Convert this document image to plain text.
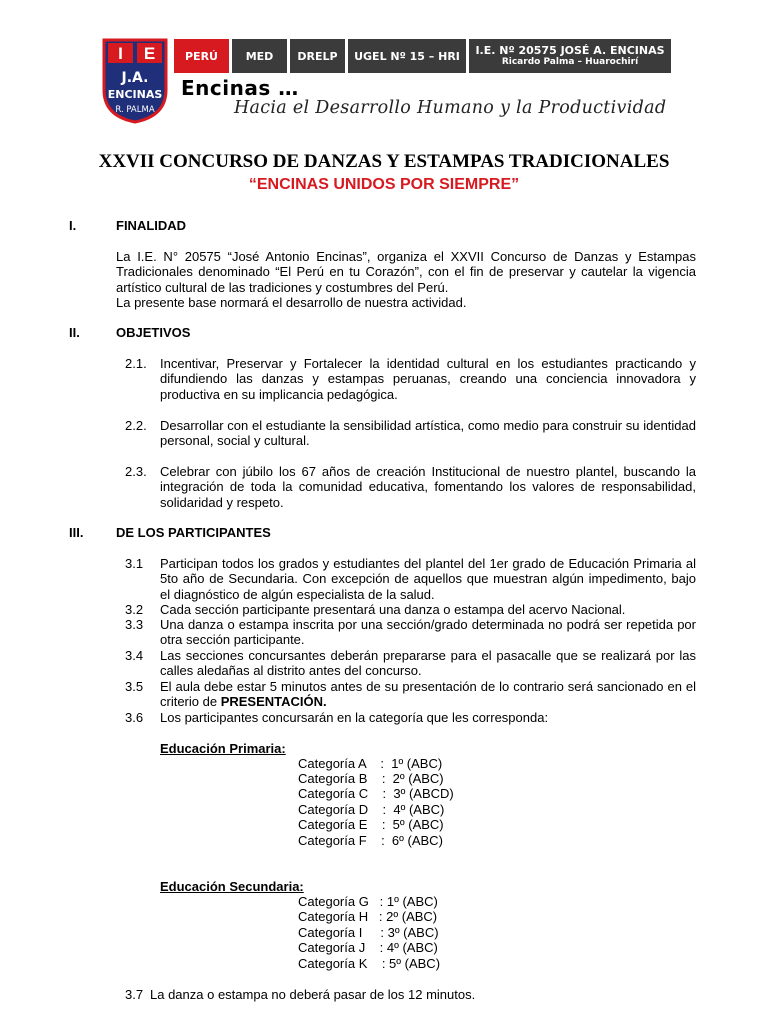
I E
J.A.
ENCINAS
R. PALMA
PERÚ	MED	DRELP	UGEL Nº 15 – HRI	I.E. Nº 20575 JOSÉ A. ENCINAS
Ricardo Palma – Huarochirí
Encinas …
Hacia el Desarrollo Humano y la Productividad
XXVII CONCURSO DE DANZAS Y ESTAMPAS TRADICIONALES
“ENCINAS UNIDOS POR SIEMPRE”
I.	FINALIDAD
La I.E. N° 20575 “José Antonio Encinas”, organiza el XXVII Concurso de Danzas y Estampas Tradicionales denominado “El Perú en tu Corazón”, con el fin de preservar y cautelar la vigencia artístico cultural de las tradiciones y costumbres del Perú.
La presente base normará el desarrollo de nuestra actividad.
II.	OBJETIVOS
2.1. Incentivar, Preservar y Fortalecer la identidad cultural en los estudiantes practicando y difundiendo las danzas y estampas peruanas, creando una conciencia innovadora y productiva en su implicancia pedagógica.
2.2. Desarrollar con el estudiante la sensibilidad artística, como medio para construir su identidad personal, social y cultural.
2.3. Celebrar con júbilo los 67 años de creación Institucional de nuestro plantel, buscando la integración de toda la comunidad educativa, fomentando los valores de responsabilidad, solidaridad y respeto.
III.	DE LOS PARTICIPANTES
3.1 Participan todos los grados y estudiantes del plantel del 1er grado de Educación Primaria al 5to año de Secundaria. Con excepción de aquellos que muestran algún impedimento, bajo el diagnóstico de algún especialista de la salud.
3.2 Cada sección participante presentará una danza o estampa del acervo Nacional.
3.3 Una danza o estampa inscrita por una sección/grado determinada no podrá ser repetida por otra sección participante.
3.4 Las secciones concursantes deberán prepararse para el pasacalle que se realizará por las calles aledañas al distrito antes del concurso.
3.5 El aula debe estar 5 minutos antes de su presentación de lo contrario será sancionado en el criterio de PRESENTACIÓN.
3.6 Los participantes concursarán en la categoría que les corresponda:
Educación Primaria:
Categoría A    :  1º (ABC)
Categoría B    :  2º (ABC)
Categoría C    :  3º (ABCD)
Categoría D    :  4º (ABC)
Categoría E    :  5º (ABC)
Categoría F    :  6º (ABC)
Educación Secundaria:
Categoría G   : 1º (ABC)
Categoría H   : 2º (ABC)
Categoría I     : 3º (ABC)
Categoría J    : 4º (ABC)
Categoría K    : 5º (ABC)
3.7 La danza o estampa no deberá pasar de los 12 minutos.
